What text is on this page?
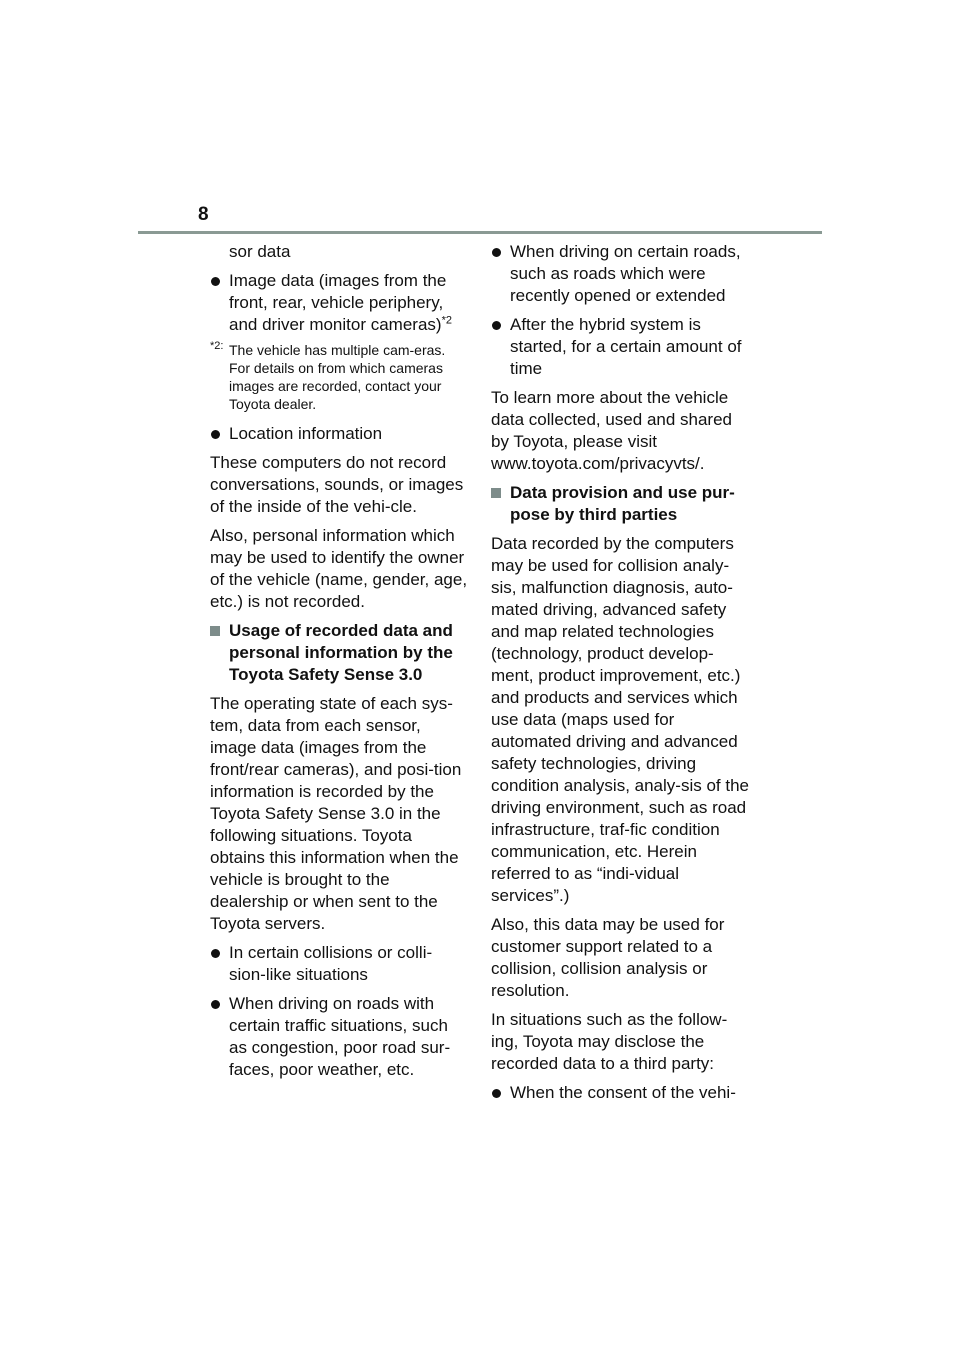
8

sor data

Image data (images from the front, rear, vehicle periphery, and driver monitor cameras)$^{*2}$
*2: The vehicle has multiple cam-eras. For details on from which cameras images are recorded, contact your Toyota dealer.
Location information

These computers do not record conversations, sounds, or images of the inside of the vehi-cle.

Also, personal information which may be used to identify the owner of the vehicle (name, gender, age, etc.) is not recorded.

Usage of recorded data and personal information by the Toyota Safety Sense 3.0

The operating state of each sys-tem, data from each sensor, image data (images from the front/rear cameras), and posi-tion information is recorded by the Toyota Safety Sense 3.0 in the following situations. Toyota obtains this information when the vehicle is brought to the dealership or when sent to the Toyota servers.

In certain collisions or colli-sion-like situations
When driving on roads with certain traffic situations, such as congestion, poor road sur-faces, poor weather, etc.
When driving on certain roads, such as roads which were recently opened or extended
After the hybrid system is started, for a certain amount of time

To learn more about the vehicle data collected, used and shared by Toyota, please visit www.toyota.com/privacyvts/.

Data provision and use pur-pose by third parties

Data recorded by the computers may be used for collision analy-sis, malfunction diagnosis, auto-mated driving, advanced safety and map related technologies (technology, product develop-ment, product improvement, etc.) and products and services which use data (maps used for automated driving and advanced safety technologies, driving condition analysis, analy-sis of the driving environment, such as road infrastructure, traf-fic condition communication, etc. Herein referred to as “indi-vidual services”.)

Also, this data may be used for customer support related to a collision, collision analysis or resolution.

In situations such as the follow-ing, Toyota may disclose the recorded data to a third party:

When the consent of the vehi-
